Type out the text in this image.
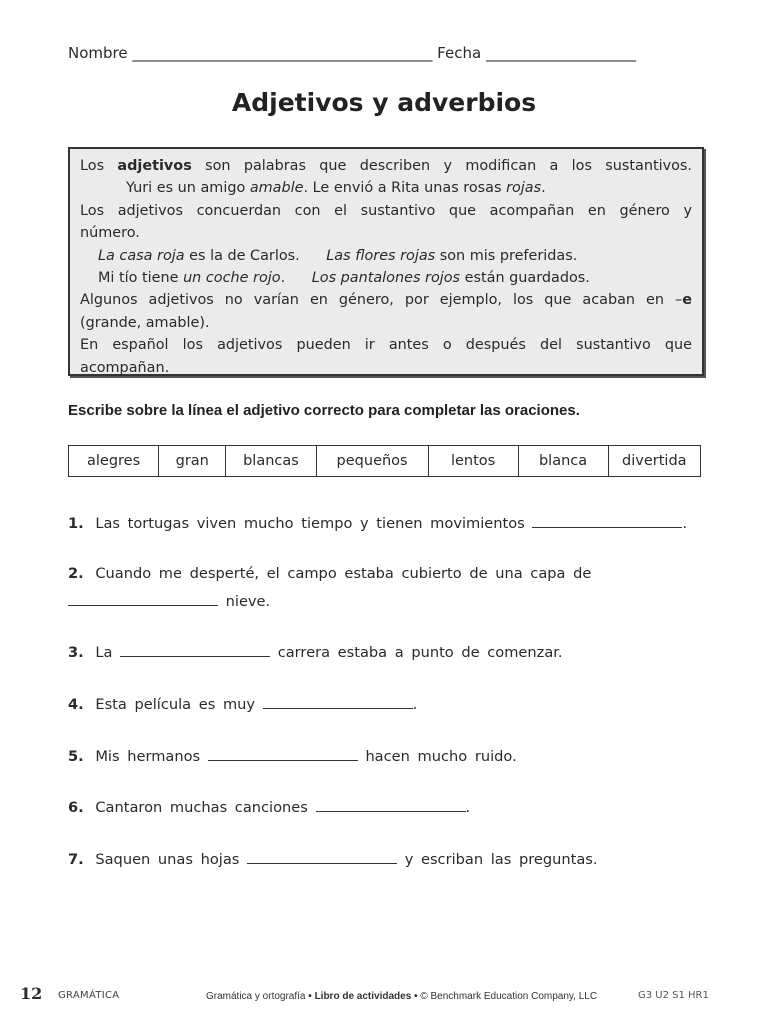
Nombre ________________________________________ Fecha ____________________
Adjetivos y adverbios
Los adjetivos son palabras que describen y modifican a los sustantivos.
Yuri es un amigo amable. Le envió a Rita unas rosas rojas.
Los adjetivos concuerdan con el sustantivo que acompañan en género y
número.
La casa roja es la de Carlos. Las flores rojas son mis preferidas.
Mi tío tiene un coche rojo. Los pantalones rojos están guardados.
Algunos adjetivos no varían en género, por ejemplo, los que acaban en –e
(grande, amable).
En español los adjetivos pueden ir antes o después del sustantivo que
acompañan.
Escribe sobre la línea el adjetivo correcto para completar las oraciones.
alegres	gran	blancas	pequeños	lentos	blanca	divertida
1. Las tortugas viven mucho tiempo y tienen movimientos	.
2. Cuando me desperté, el campo estaba cubierto de una capa de
nieve.
3. La	carrera estaba a punto de comenzar.
4. Esta película es muy	.
5. Mis hermanos	hacen mucho ruido.
6. Cantaron muchas canciones	.
7. Saquen unas hojas	y escriban las preguntas.
12 GRAMÁTICA	Gramática y ortografía • Libro de actividades • © Benchmark Education Company, LLC	G3 U2 S1 HR1
